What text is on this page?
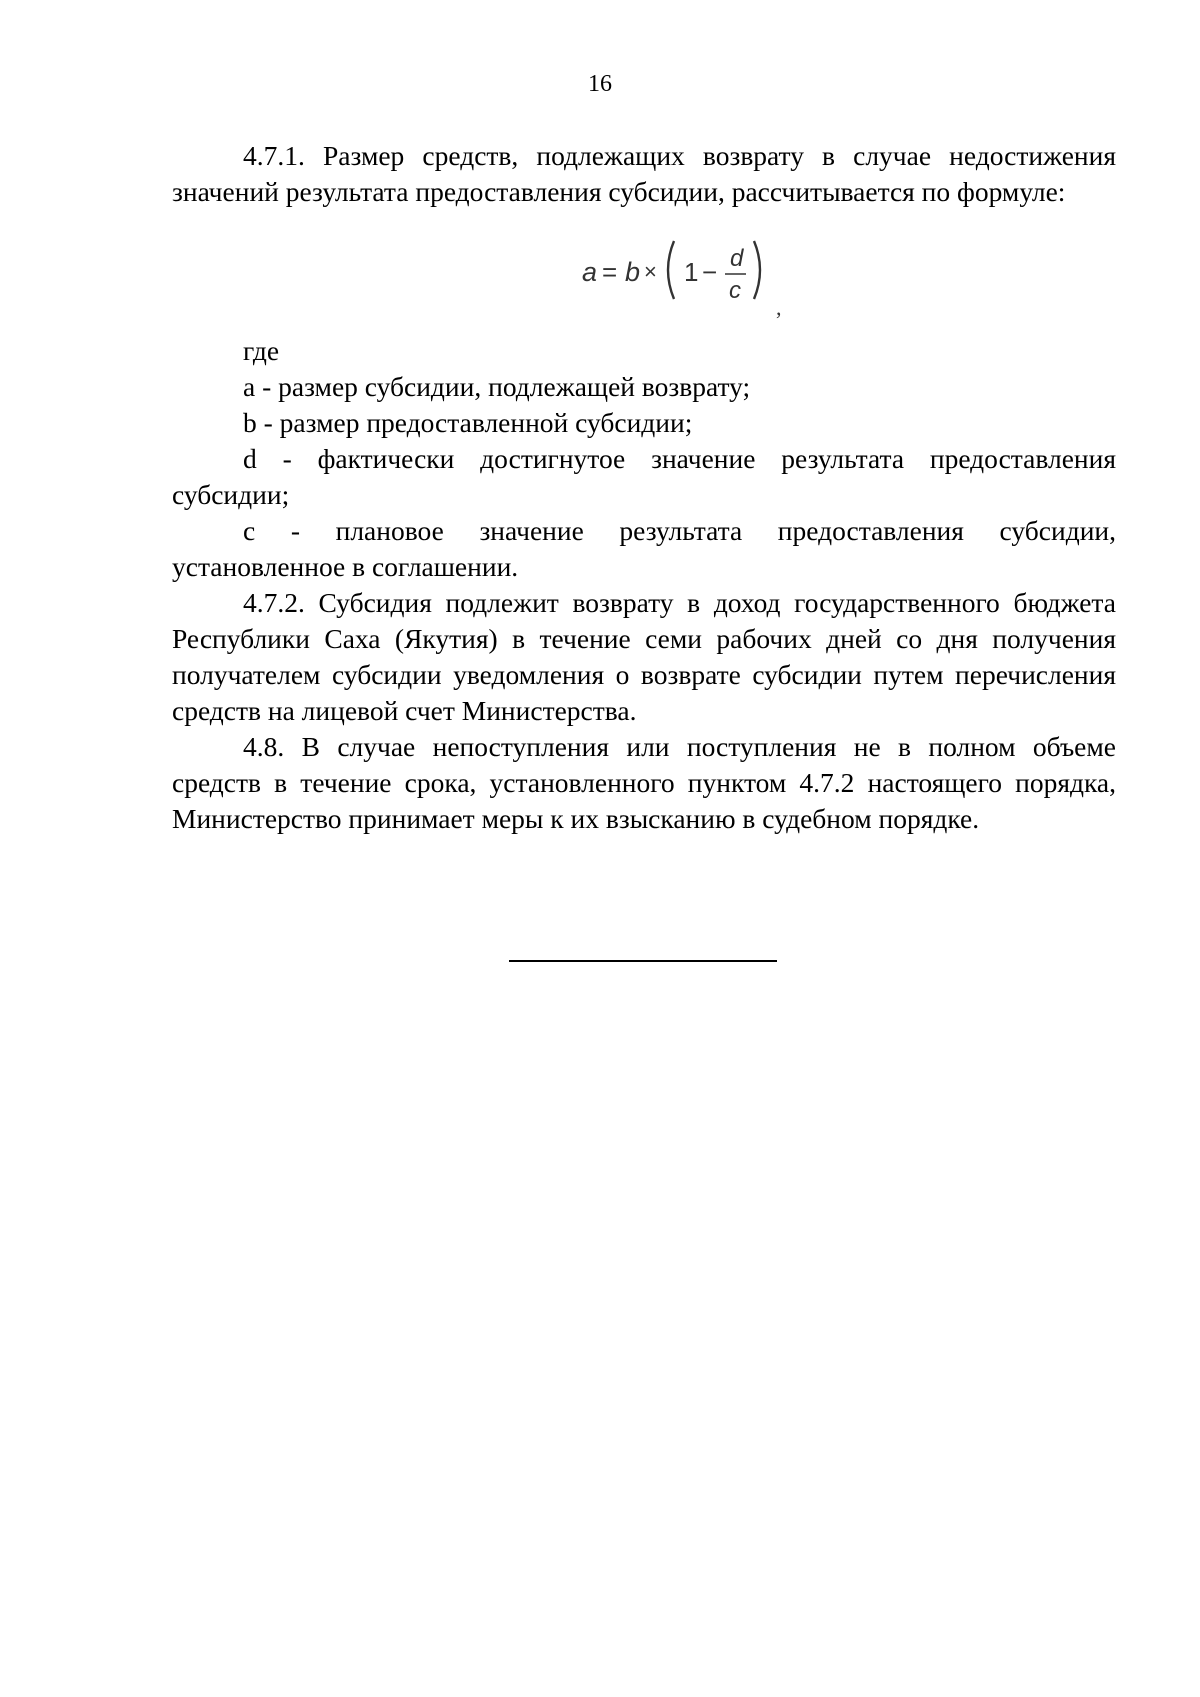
16

4.7.1. Размер средств, подлежащих возврату в случае недостижения значений результата предоставления субсидии, рассчитывается по формуле:

a = b × 1 − d
c
,

где

a - размер субсидии, подлежащей возврату;

b - размер предоставленной субсидии;

d - фактически достигнутое значение результата предоставления субсидии;

c - плановое значение результата предоставления субсидии, установленное в соглашении.

4.7.2. Субсидия подлежит возврату в доход государственного бюджета Республики Саха (Якутия) в течение семи рабочих дней со дня получения получателем субсидии уведомления о возврате субсидии путем перечисления средств на лицевой счет Министерства.

4.8. В случае непоступления или поступления не в полном объеме средств в течение срока, установленного пунктом 4.7.2 настоящего порядка, Министерство принимает меры к их взысканию в судебном порядке.
